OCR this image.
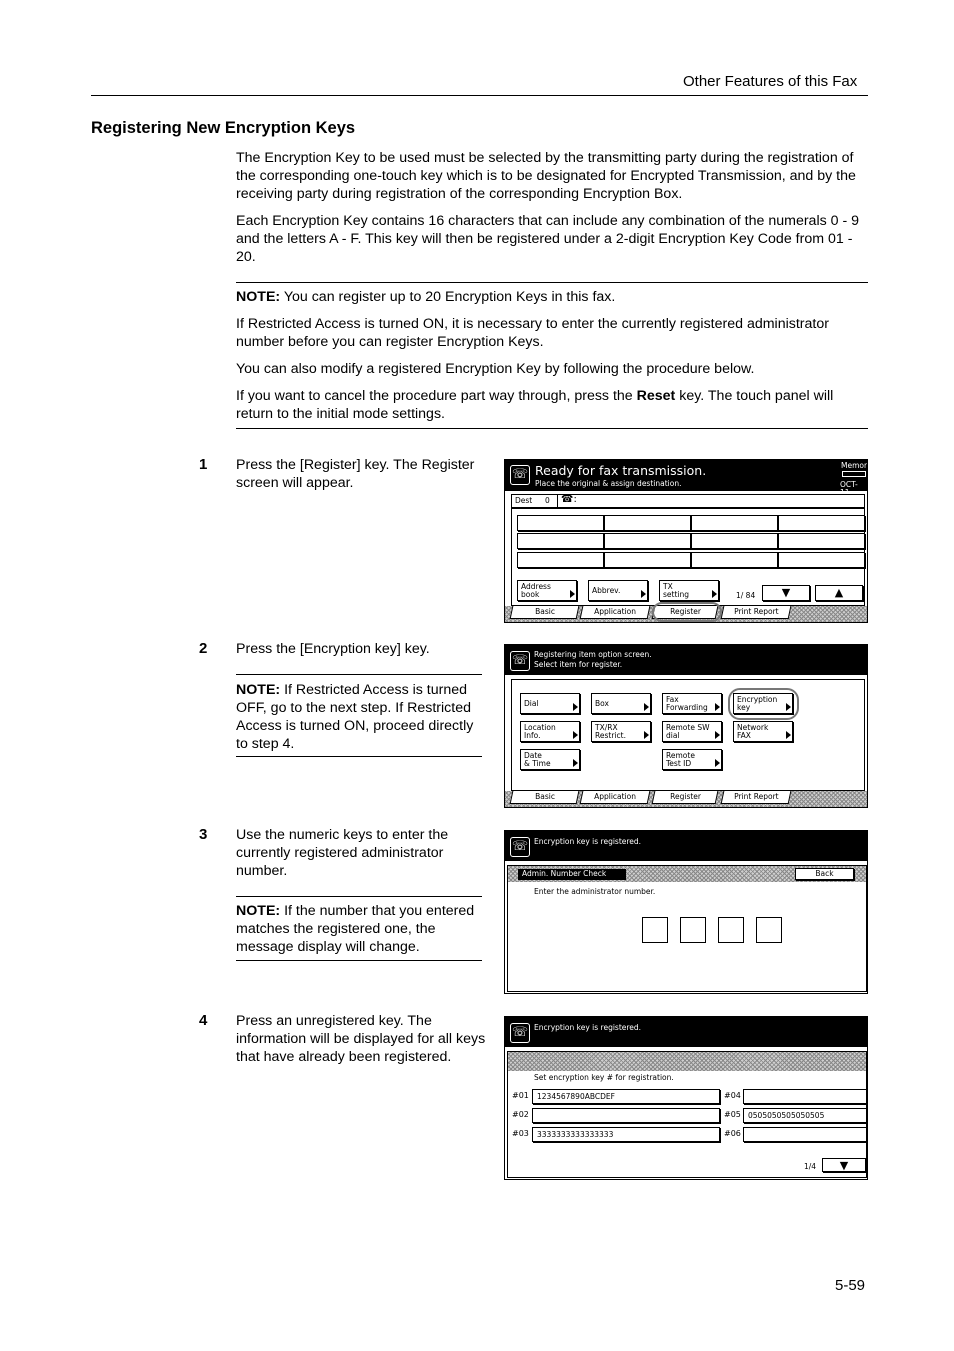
Other Features of this Fax
Registering New Encryption Keys
The Encryption Key to be used must be selected by the transmitting party during the registration of
the corresponding one-touch key which is to be designated for Encrypted Transmission, and by the
receiving party during registration of the corresponding Encryption Box.
Each Encryption Key contains 16 characters that can include any combination of the numerals 0 - 9
and the letters A - F. This key will then be registered under a 2-digit Encryption Key Code from 01 -
20.
NOTE: You can register up to 20 Encryption Keys in this fax.
If Restricted Access is turned ON, it is necessary to enter the currently registered administrator
number before you can register Encryption Keys.
You can also modify a registered Encryption Key by following the procedure below.
If you want to cancel the procedure part way through, press the Reset key. The touch panel will
return to the initial mode settings.
1 Press the [Register] key. The Register
screen will appear.
2 Press the [Encryption key] key.
NOTE: If Restricted Access is turned
OFF, go to the next step. If Restricted
Access is turned ON, proceed directly
to step 4.
3 Use the numeric keys to enter the
currently registered administrator
number.
NOTE: If the number that you entered
matches the registered one, the
message display will change.
4 Press an unregistered key. The
information will be displayed for all keys
that have already been registered.
☏ Ready for fax transmission.
Place the original & assign destination.
Memor
OCT-11
Dest 0 ☎:
Address
book	Abbrev.	TX
setting	1/ 84	▼	▲
Basic	Application	Register	Print Report
☏ Registering item option screen.
Select item for register.
Dial	Box	Fax
Forwarding
Encryption
key
Location
Info.
TX/RX
Restrict.
Remote SW
dial
Network
FAX
Date
& Time
Remote
Test ID
Basic	Application	Register	Print Report
☏ Encryption key is registered.
Admin. Number Check	Back
Enter the administrator number.
☏ Encryption key is registered.
Set encryption key # for registration.
#01	1234567890ABCDEF
#02
#03	3333333333333333
#04
#05 0505050505050505
#06
1/4	▼
5-59
